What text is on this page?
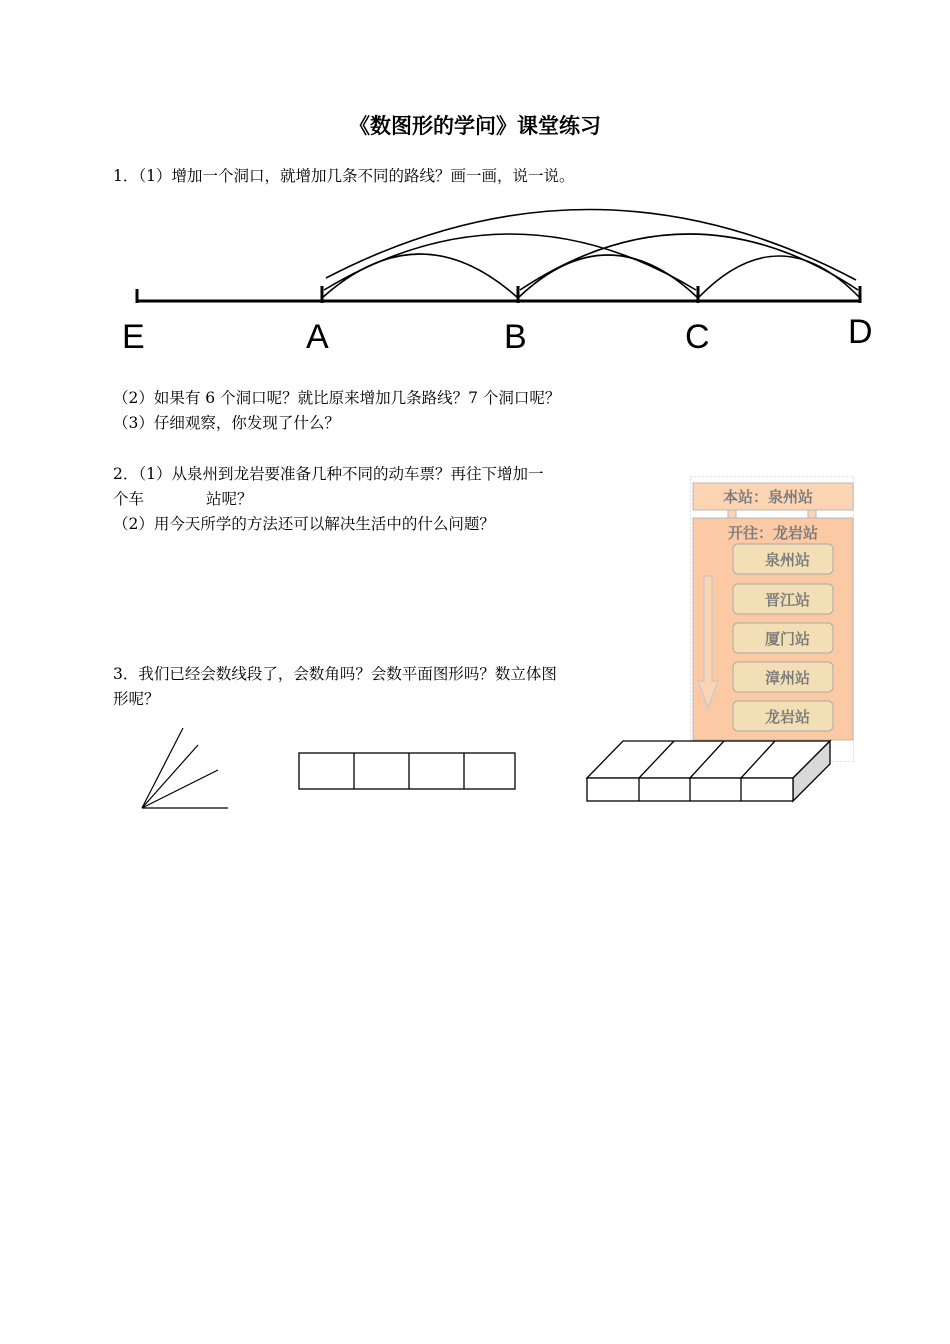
《数图形的学问》课堂练习
1．（1）增加一个洞口，就增加几条不同的路线？画一画，说一说。
E	A	B	C	D
（2）如果有 6 个洞口呢？就比原来增加几条路线？7 个洞口呢？
（3）仔细观察，你发现了什么？
2．（1）从泉州到龙岩要准备几种不同的动车票？再往下增加一
个车　　　　站呢？
（2）用今天所学的方法还可以解决生活中的什么问题？
本站：泉州站
开往：龙岩站
泉州站
晋江站
厦门站
漳州站
龙岩站
3．我们已经会数线段了，会数角吗？会数平面图形吗？数立体图
形呢？
